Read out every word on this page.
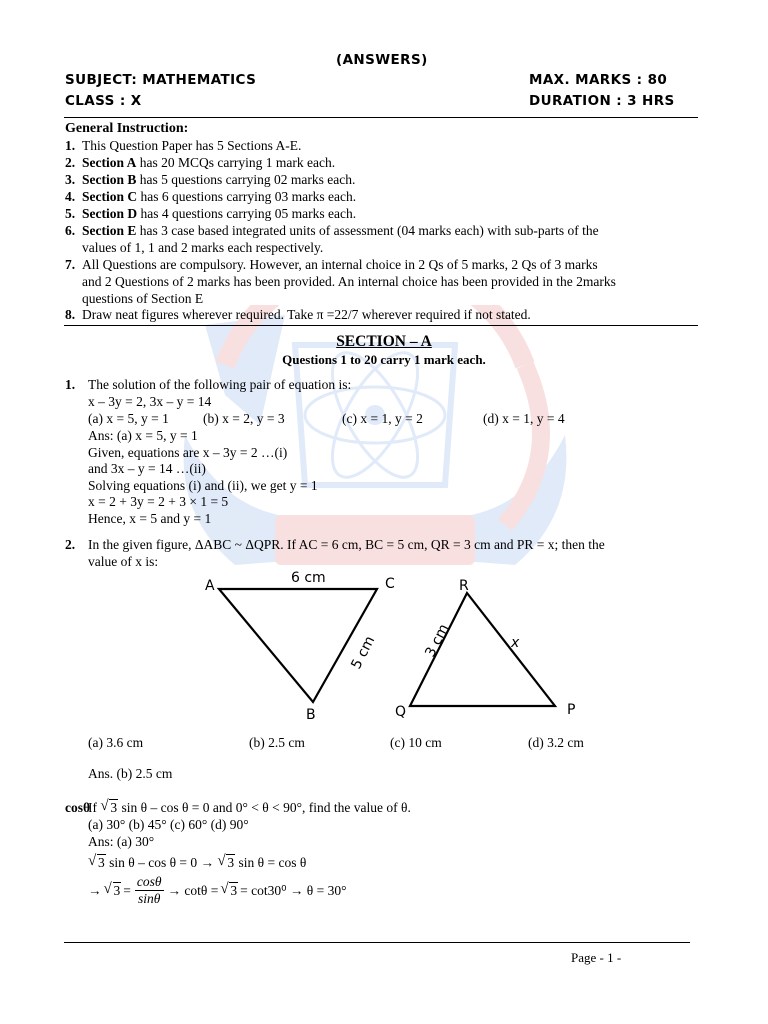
(ANSWERS)
SUBJECT: MATHEMATICS	MAX. MARKS : 80
CLASS : X	DURATION : 3 HRS
General Instruction:
1. This Question Paper has 5 Sections A-E.
2. Section A has 20 MCQs carrying 1 mark each.
3. Section B has 5 questions carrying 02 marks each.
4. Section C has 6 questions carrying 03 marks each.
5. Section D has 4 questions carrying 05 marks each.
6. Section E has 3 case based integrated units of assessment (04 marks each) with sub-parts of the
values of 1, 1 and 2 marks each respectively.
7. All Questions are compulsory. However, an internal choice in 2 Qs of 5 marks, 2 Qs of 3 marks
and 2 Questions of 2 marks has been provided. An internal choice has been provided in the 2marks
questions of Section E
8. Draw neat figures wherever required. Take π =22/7 wherever required if not stated.
SECTION – A
Questions 1 to 20 carry 1 mark each.
1. The solution of the following pair of equation is:
x – 3y = 2, 3x – y = 14
(a) x = 5, y = 1	(b) x = 2, y = 3	(c) x = 1, y = 2	(d) x = 1, y = 4
Ans: (a) x = 5, y = 1
Given, equations are x – 3y = 2 …(i)
and 3x – y = 14 …(ii)
Solving equations (i) and (ii), we get y = 1
x = 2 + 3y = 2 + 3 × 1 = 5
Hence, x = 5 and y = 1
2. In the given figure, ΔABC ~ ΔQPR. If AC = 6 cm, BC = 5 cm, QR = 3 cm and PR = x; then the
value of x is:
A	C
B
6 cm
5 cm
R
Q	P
3 cm	x
(a) 3.6 cm	(b) 2.5 cm	(c) 10 cm	(d) 3.2 cm
Ans. (b) 2.5 cm
cosθ
If √ 3 sin θ – cos θ = 0 and 0° < θ < 90°, find the value of θ.
(a) 30° (b) 45° (c) 60° (d) 90°
Ans: (a) 30°
√ 3 sin θ – cos θ = 0 → √ 3 sin θ = cos θ
→ √ $3 = \frac{\cos\theta}{\sin\theta} \to \cot\theta$ = √ 3 = cot30⁰ → θ = 30°
Page - 1 -
